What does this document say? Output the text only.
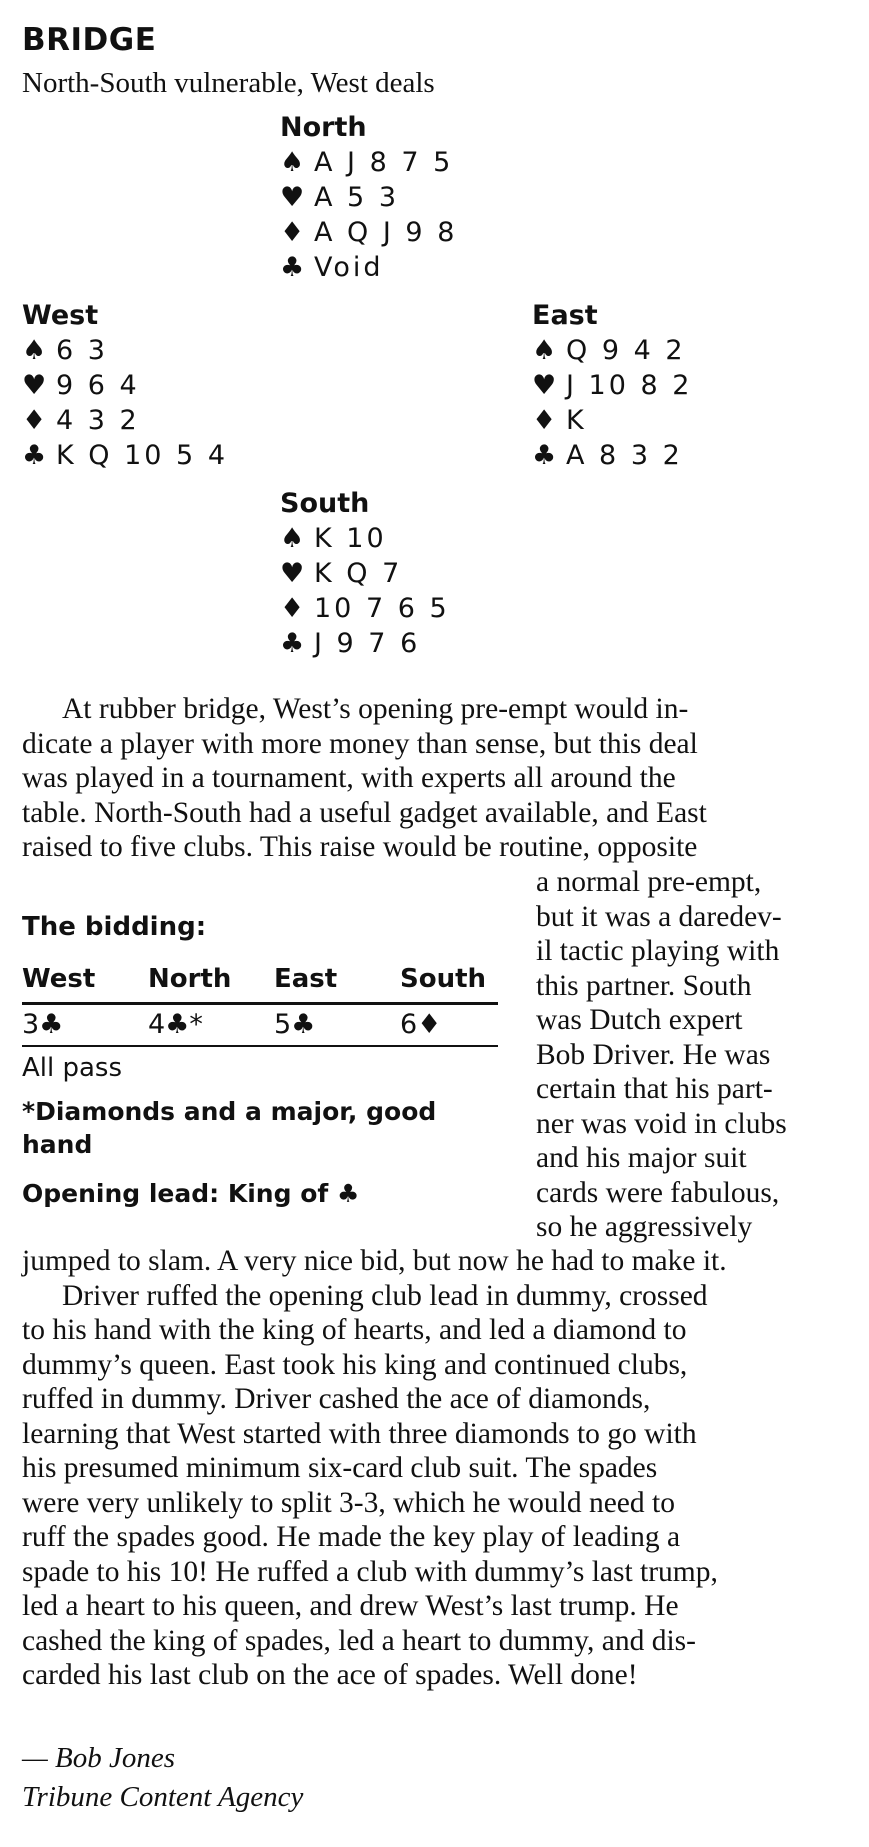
BRIDGE
North-South vulnerable, West deals
North
♠ A J 8 7 5
♥ A 5 3
♦ A Q J 9 8
♣ Void
West
♠ 6 3
♥ 9 6 4
♦ 4 3 2
♣ K Q 10 5 4
East
♠ Q 9 4 2
♥ J 10 8 2
♦ K
♣ A 8 3 2
South
♠ K 10
♥ K Q 7
♦ 10 7 6 5
♣ J 9 7 6
At rubber bridge, West’s opening pre-empt would in-
dicate a player with more money than sense, but this deal
was played in a tournament, with experts all around the
table. North-South had a useful gadget available, and East
raised to five clubs. This raise would be routine, opposite
a normal pre-empt,
but it was a daredev-
il tactic playing with
this partner. South
was Dutch expert
Bob Driver. He was
certain that his part-
ner was void in clubs
and his major suit
cards were fabulous,
so he aggressively
The bidding:
West North East South
3♣	4♣*	5♣	6♦
All pass
*Diamonds and a major, good hand
Opening lead: King of ♣
jumped to slam. A very nice bid, but now he had to make it.
Driver ruffed the opening club lead in dummy, crossed
to his hand with the king of hearts, and led a diamond to
dummy’s queen. East took his king and continued clubs,
ruffed in dummy. Driver cashed the ace of diamonds,
learning that West started with three diamonds to go with
his presumed minimum six-card club suit. The spades
were very unlikely to split 3-3, which he would need to
ruff the spades good. He made the key play of leading a
spade to his 10! He ruffed a club with dummy’s last trump,
led a heart to his queen, and drew West’s last trump. He
cashed the king of spades, led a heart to dummy, and dis-
carded his last club on the ace of spades. Well done!
— Bob Jones
Tribune Content Agency
